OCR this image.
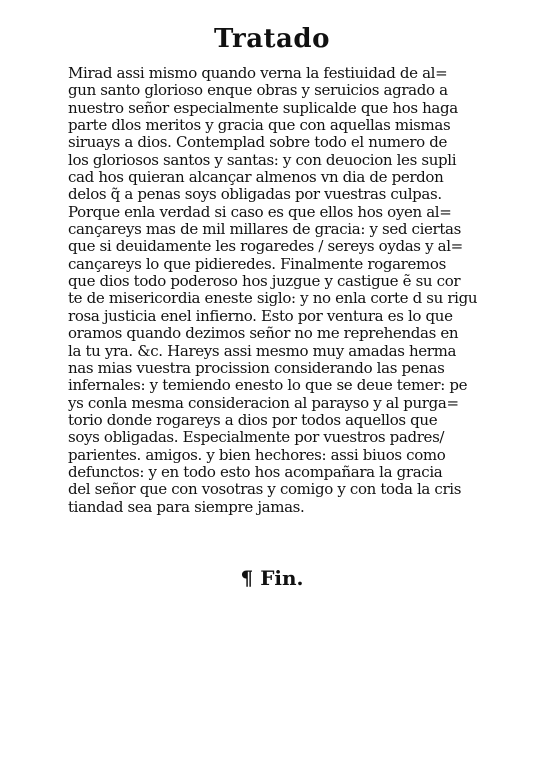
Tratado
Mirad assi mismo quando verna la festiuidad de al=
gun santo glorioso enque obras y seruicios agrado a
nuestro señor especialmente suplicalde que hos haga
parte dlos meritos y gracia que con aquellas mismas
siruays a dios. Contemplad sobre todo el numero de
los gloriosos santos y santas: y con deuocion les supli
cad hos quieran alcançar almenos vn dia de perdon
delos q̃ a penas soys obligadas por vuestras culpas.
Porque enla verdad si caso es que ellos hos oyen al=
cançareys mas de mil millares de gracia: y sed ciertas
que si deuidamente les rogaredes / sereys oydas y al=
cançareys lo que pidieredes. Finalmente rogaremos
que dios todo poderoso hos juzgue y castigue ẽ su cor
te de misericordia eneste siglo: y no enla corte d̃ su rigu
rosa justicia enel infierno. Esto por ventura es lo que
oramos quando dezimos señor no me reprehendas en
la tu yra. &c. Hareys assi mesmo muy amadas herma
nas mias vuestra procission considerando las penas
infernales: y temiendo enesto lo que se deue temer: pe
ys conla mesma consideracion al parayso y al purga=
torio donde rogareys a dios por todos aquellos que
soys obligadas. Especialmente por vuestros padres/
parientes. amigos. y bien hechores: assi biuos como
defunctos: y en todo esto hos acompañara la gracia
del señor que con vosotras y comigo y con toda la cris
tiandad sea para siempre jamas.
¶ Fin.
